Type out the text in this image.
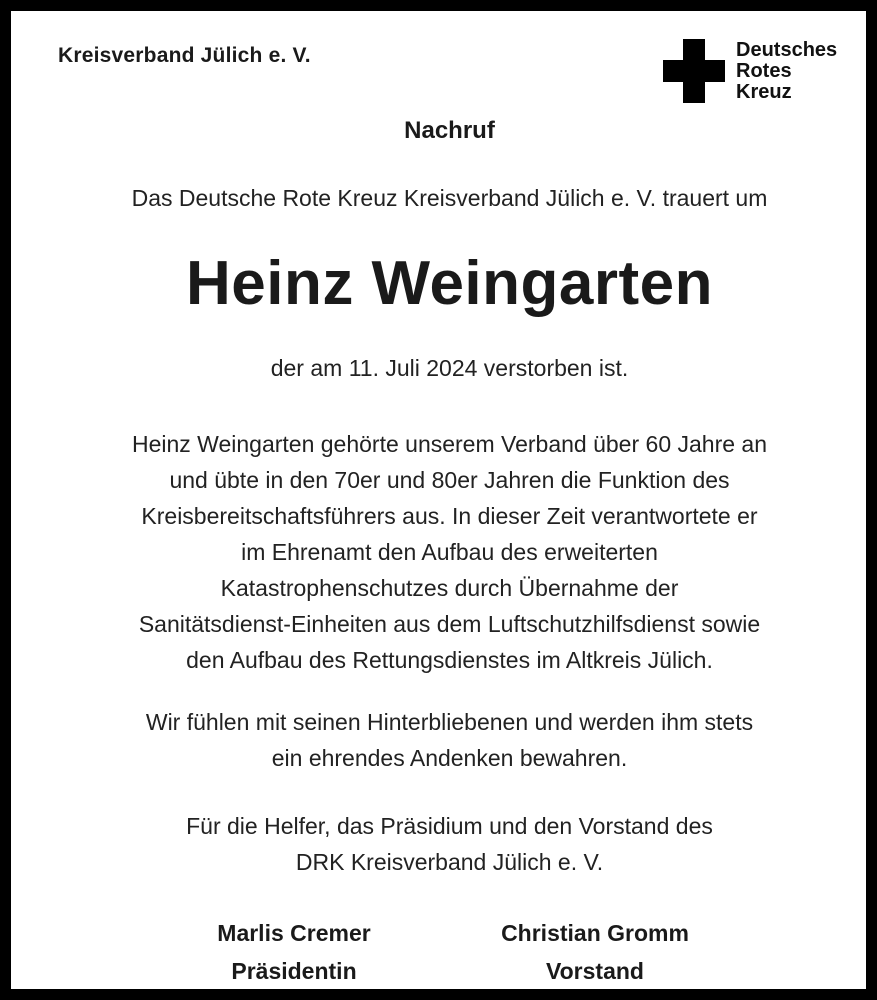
Kreisverband Jülich e. V.	Deutsches
Rotes
Kreuz
Nachruf
Das Deutsche Rote Kreuz Kreisverband Jülich e. V. trauert um
Heinz Weingarten
der am 11. Juli 2024 verstorben ist.
Heinz Weingarten gehörte unserem Verband über 60 Jahre an
und übte in den 70er und 80er Jahren die Funktion des
Kreisbereitschaftsführers aus. In dieser Zeit verantwortete er
im Ehrenamt den Aufbau des erweiterten
Katastrophenschutzes durch Übernahme der
Sanitätsdienst-Einheiten aus dem Luftschutzhilfsdienst sowie
den Aufbau des Rettungsdienstes im Altkreis Jülich.
Wir fühlen mit seinen Hinterbliebenen und werden ihm stets
ein ehrendes Andenken bewahren.
Für die Helfer, das Präsidium und den Vorstand des
DRK Kreisverband Jülich e. V.
Marlis Cremer
Präsidentin
Christian Gromm
Vorstand
